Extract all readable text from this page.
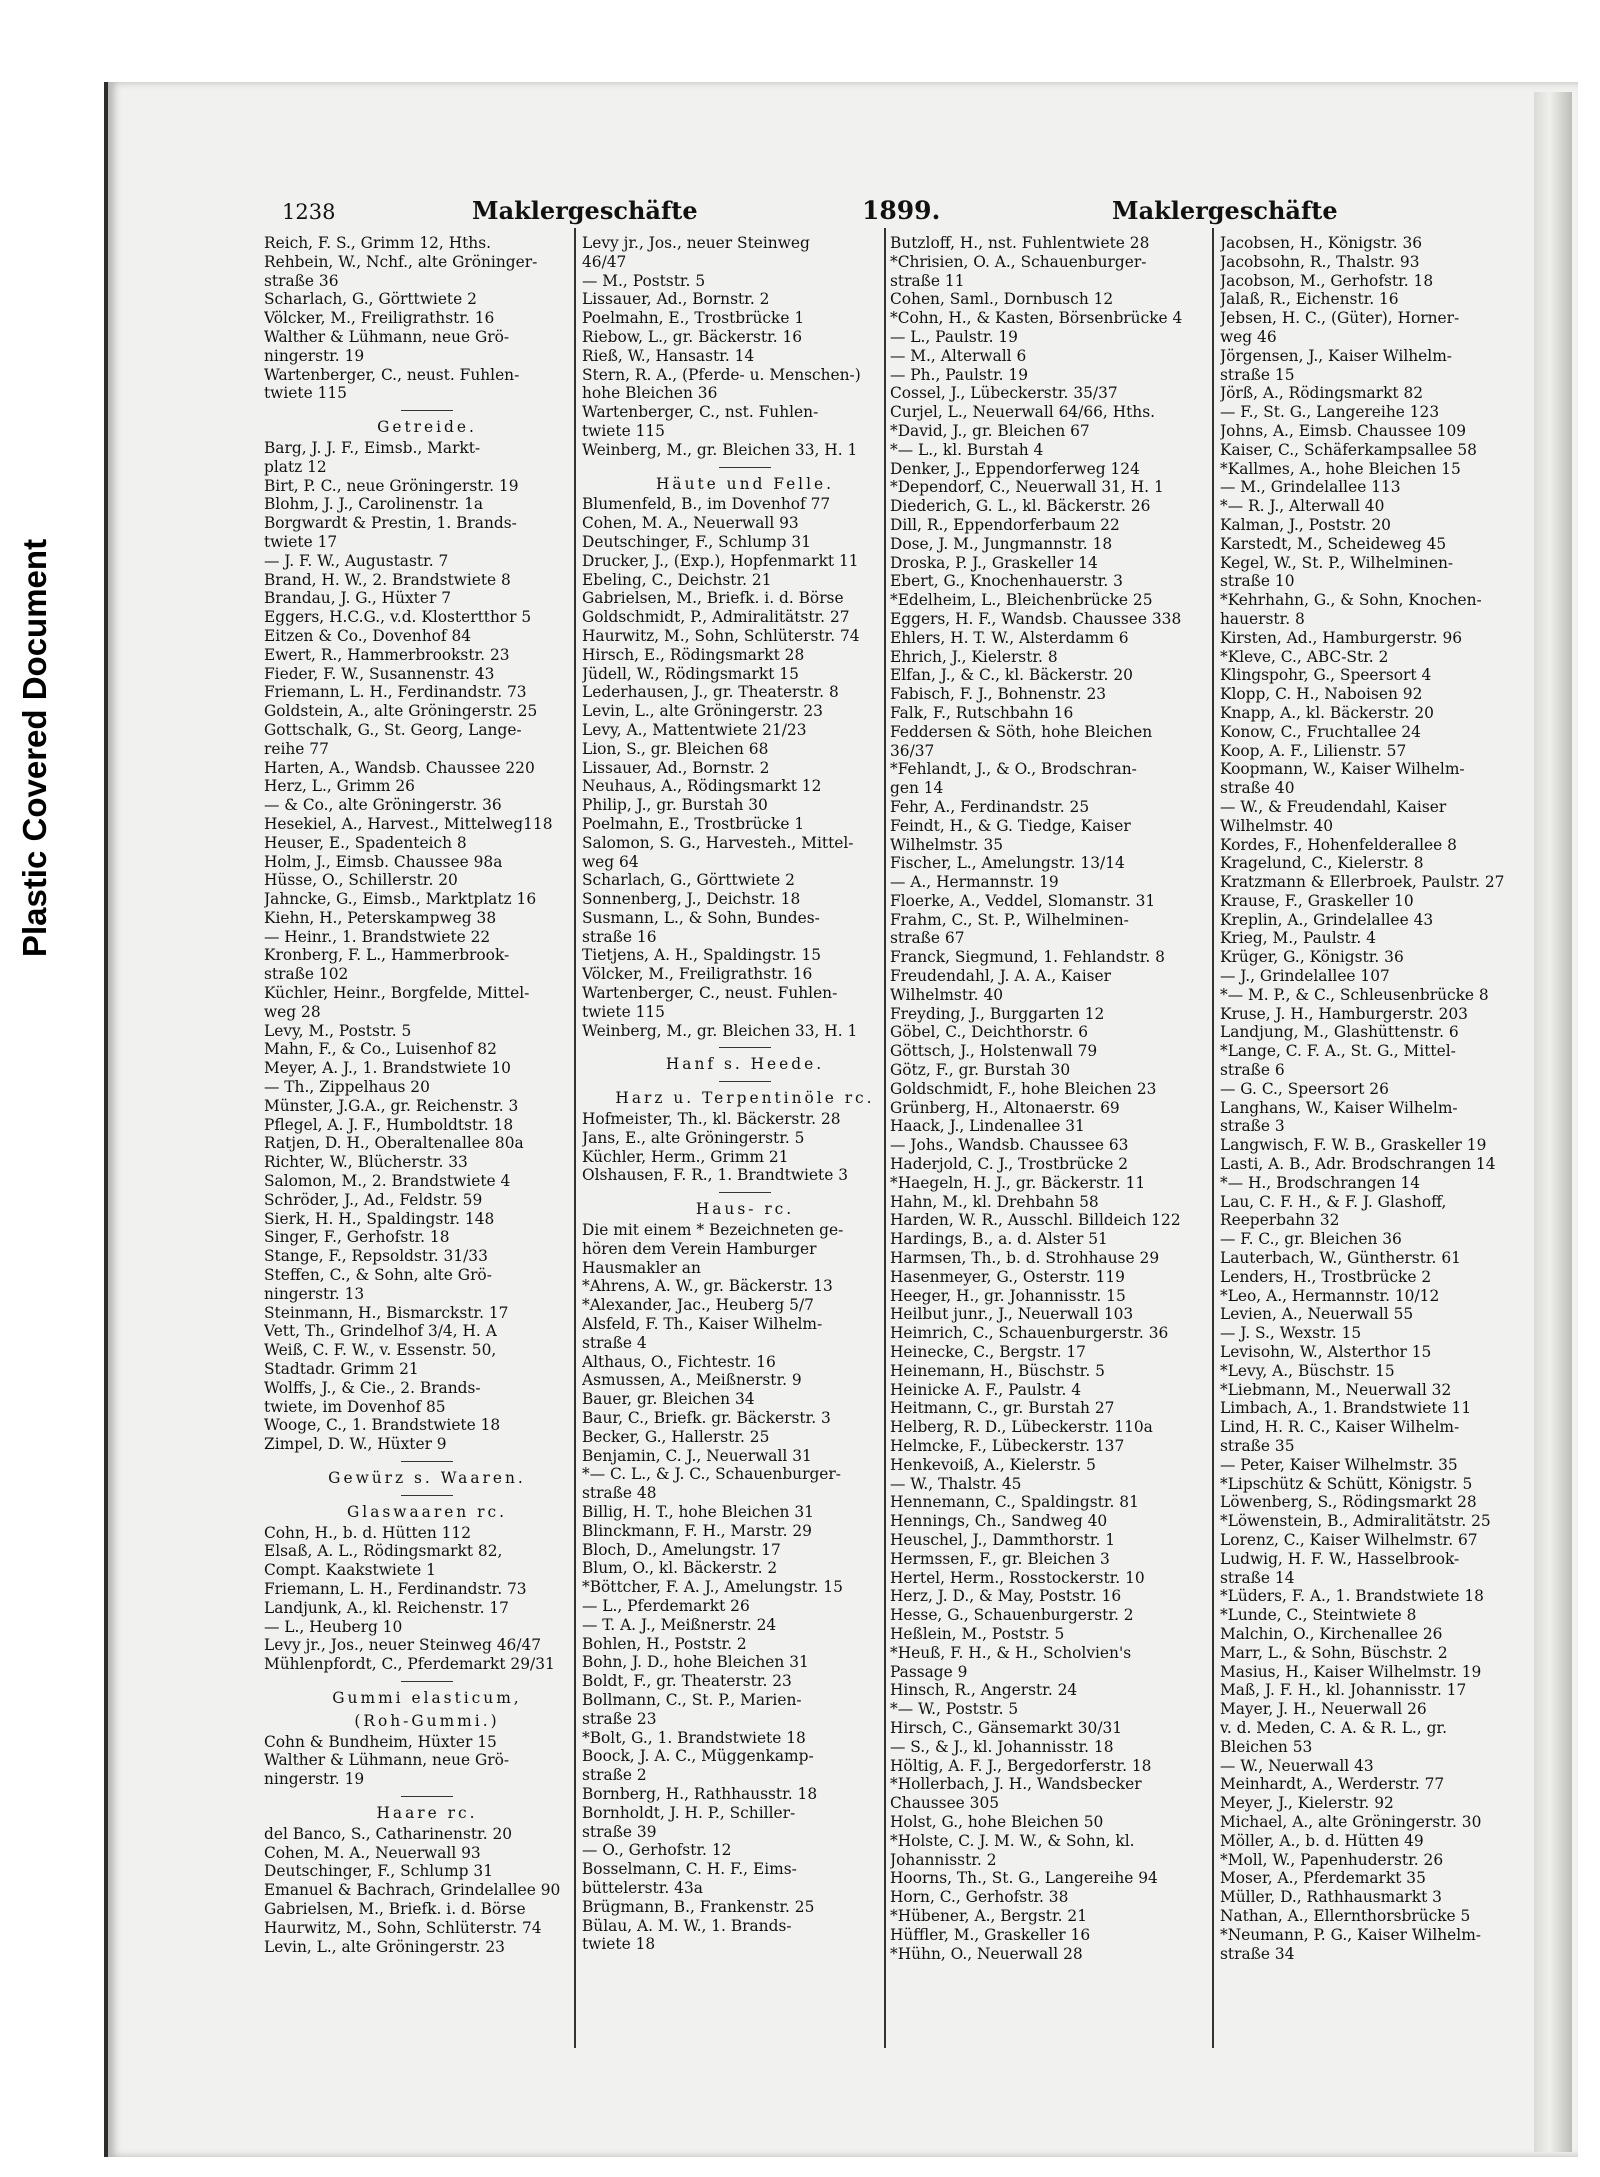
Plastic Covered Document
1238	Maklergeschäfte	1899.	Maklergeschäfte
Reich, F. S., Grimm 12, Hths.
Rehbein, W., Nchf., alte Gröninger-
straße 36
Scharlach, G., Görttwiete 2
Völcker, M., Freiligrathstr. 16
Walther & Lühmann, neue Grö-
ningerstr. 19
Wartenberger, C., neust. Fuhlen-
twiete 115
Getreide.
Barg, J. J. F., Eimsb., Markt-
platz 12
Birt, P. C., neue Gröningerstr. 19
Blohm, J. J., Carolinenstr. 1a
Borgwardt & Prestin, 1. Brands-
twiete 17
— J. F. W., Augustastr. 7
Brand, H. W., 2. Brandstwiete 8
Brandau, J. G., Hüxter 7
Eggers, H.C.G., v.d. Klostertthor 5
Eitzen & Co., Dovenhof 84
Ewert, R., Hammerbrookstr. 23
Fieder, F. W., Susannenstr. 43
Friemann, L. H., Ferdinandstr. 73
Goldstein, A., alte Gröningerstr. 25
Gottschalk, G., St. Georg, Lange-
reihe 77
Harten, A., Wandsb. Chaussee 220
Herz, L., Grimm 26
— & Co., alte Gröningerstr. 36
Hesekiel, A., Harvest., Mittelweg118
Heuser, E., Spadenteich 8
Holm, J., Eimsb. Chaussee 98a
Hüsse, O., Schillerstr. 20
Jahncke, G., Eimsb., Marktplatz 16
Kiehn, H., Peterskampweg 38
— Heinr., 1. Brandstwiete 22
Kronberg, F. L., Hammerbrook-
straße 102
Küchler, Heinr., Borgfelde, Mittel-
weg 28
Levy, M., Poststr. 5
Mahn, F., & Co., Luisenhof 82
Meyer, A. J., 1. Brandstwiete 10
— Th., Zippelhaus 20
Münster, J.G.A., gr. Reichenstr. 3
Pflegel, A. J. F., Humboldtstr. 18
Ratjen, D. H., Oberaltenallee 80a
Richter, W., Blücherstr. 33
Salomon, M., 2. Brandstwiete 4
Schröder, J., Ad., Feldstr. 59
Sierk, H. H., Spaldingstr. 148
Singer, F., Gerhofstr. 18
Stange, F., Repsoldstr. 31/33
Steffen, C., & Sohn, alte Grö-
ningerstr. 13
Steinmann, H., Bismarckstr. 17
Vett, Th., Grindelhof 3/4, H. A
Weiß, C. F. W., v. Essenstr. 50,
Stadtadr. Grimm 21
Wolffs, J., & Cie., 2. Brands-
twiete, im Dovenhof 85
Wooge, C., 1. Brandstwiete 18
Zimpel, D. W., Hüxter 9
Gewürz s. Waaren.
Glaswaaren rc.
Cohn, H., b. d. Hütten 112
Elsaß, A. L., Rödingsmarkt 82,
Compt. Kaakstwiete 1
Friemann, L. H., Ferdinandstr. 73
Landjunk, A., kl. Reichenstr. 17
— L., Heuberg 10
Levy jr., Jos., neuer Steinweg 46/47
Mühlenpfordt, C., Pferdemarkt 29/31
Gummi elasticum,
(Roh-Gummi.)
Cohn & Bundheim, Hüxter 15
Walther & Lühmann, neue Grö-
ningerstr. 19
Haare rc.
del Banco, S., Catharinenstr. 20
Cohen, M. A., Neuerwall 93
Deutschinger, F., Schlump 31
Emanuel & Bachrach, Grindelallee 90
Gabrielsen, M., Briefk. i. d. Börse
Haurwitz, M., Sohn, Schlüterstr. 74
Levin, L., alte Gröningerstr. 23
Levy jr., Jos., neuer Steinweg
46/47
— M., Poststr. 5
Lissauer, Ad., Bornstr. 2
Poelmahn, E., Trostbrücke 1
Riebow, L., gr. Bäckerstr. 16
Rieß, W., Hansastr. 14
Stern, R. A., (Pferde- u. Menschen-)
hohe Bleichen 36
Wartenberger, C., nst. Fuhlen-
twiete 115
Weinberg, M., gr. Bleichen 33, H. 1
Häute und Felle.
Blumenfeld, B., im Dovenhof 77
Cohen, M. A., Neuerwall 93
Deutschinger, F., Schlump 31
Drucker, J., (Exp.), Hopfenmarkt 11
Ebeling, C., Deichstr. 21
Gabrielsen, M., Briefk. i. d. Börse
Goldschmidt, P., Admiralitätstr. 27
Haurwitz, M., Sohn, Schlüterstr. 74
Hirsch, E., Rödingsmarkt 28
Jüdell, W., Rödingsmarkt 15
Lederhausen, J., gr. Theaterstr. 8
Levin, L., alte Gröningerstr. 23
Levy, A., Mattentwiete 21/23
Lion, S., gr. Bleichen 68
Lissauer, Ad., Bornstr. 2
Neuhaus, A., Rödingsmarkt 12
Philip, J., gr. Burstah 30
Poelmahn, E., Trostbrücke 1
Salomon, S. G., Harvesteh., Mittel-
weg 64
Scharlach, G., Görttwiete 2
Sonnenberg, J., Deichstr. 18
Susmann, L., & Sohn, Bundes-
straße 16
Tietjens, A. H., Spaldingstr. 15
Völcker, M., Freiligrathstr. 16
Wartenberger, C., neust. Fuhlen-
twiete 115
Weinberg, M., gr. Bleichen 33, H. 1
Hanf s. Heede.
Harz u. Terpentinöle rc.
Hofmeister, Th., kl. Bäckerstr. 28
Jans, E., alte Gröningerstr. 5
Küchler, Herm., Grimm 21
Olshausen, F. R., 1. Brandtwiete 3
Haus- rc.
Die mit einem * Bezeichneten ge-
hören dem Verein Hamburger
Hausmakler an
*Ahrens, A. W., gr. Bäckerstr. 13
*Alexander, Jac., Heuberg 5/7
Alsfeld, F. Th., Kaiser Wilhelm-
straße 4
Althaus, O., Fichtestr. 16
Asmussen, A., Meißnerstr. 9
Bauer, gr. Bleichen 34
Baur, C., Briefk. gr. Bäckerstr. 3
Becker, G., Hallerstr. 25
Benjamin, C. J., Neuerwall 31
*— C. L., & J. C., Schauenburger-
straße 48
Billig, H. T., hohe Bleichen 31
Blinckmann, F. H., Marstr. 29
Bloch, D., Amelungstr. 17
Blum, O., kl. Bäckerstr. 2
*Böttcher, F. A. J., Amelungstr. 15
— L., Pferdemarkt 26
— T. A. J., Meißnerstr. 24
Bohlen, H., Poststr. 2
Bohn, J. D., hohe Bleichen 31
Boldt, F., gr. Theaterstr. 23
Bollmann, C., St. P., Marien-
straße 23
*Bolt, G., 1. Brandstwiete 18
Boock, J. A. C., Müggenkamp-
straße 2
Bornberg, H., Rathhausstr. 18
Bornholdt, J. H. P., Schiller-
straße 39
— O., Gerhofstr. 12
Bosselmann, C. H. F., Eims-
büttelerstr. 43a
Brügmann, B., Frankenstr. 25
Bülau, A. M. W., 1. Brands-
twiete 18
Butzloff, H., nst. Fuhlentwiete 28
*Chrisien, O. A., Schauenburger-
straße 11
Cohen, Saml., Dornbusch 12
*Cohn, H., & Kasten, Börsenbrücke 4
— L., Paulstr. 19
— M., Alterwall 6
— Ph., Paulstr. 19
Cossel, J., Lübeckerstr. 35/37
Curjel, L., Neuerwall 64/66, Hths.
*David, J., gr. Bleichen 67
*— L., kl. Burstah 4
Denker, J., Eppendorferweg 124
*Dependorf, C., Neuerwall 31, H. 1
Diederich, G. L., kl. Bäckerstr. 26
Dill, R., Eppendorferbaum 22
Dose, J. M., Jungmannstr. 18
Droska, P. J., Graskeller 14
Ebert, G., Knochenhauerstr. 3
*Edelheim, L., Bleichenbrücke 25
Eggers, H. F., Wandsb. Chaussee 338
Ehlers, H. T. W., Alsterdamm 6
Ehrich, J., Kielerstr. 8
Elfan, J., & C., kl. Bäckerstr. 20
Fabisch, F. J., Bohnenstr. 23
Falk, F., Rutschbahn 16
Feddersen & Söth, hohe Bleichen
36/37
*Fehlandt, J., & O., Brodschran-
gen 14
Fehr, A., Ferdinandstr. 25
Feindt, H., & G. Tiedge, Kaiser
Wilhelmstr. 35
Fischer, L., Amelungstr. 13/14
— A., Hermannstr. 19
Floerke, A., Veddel, Slomanstr. 31
Frahm, C., St. P., Wilhelminen-
straße 67
Franck, Siegmund, 1. Fehlandstr. 8
Freudendahl, J. A. A., Kaiser
Wilhelmstr. 40
Freyding, J., Burggarten 12
Göbel, C., Deichthorstr. 6
Göttsch, J., Holstenwall 79
Götz, F., gr. Burstah 30
Goldschmidt, F., hohe Bleichen 23
Grünberg, H., Altonaerstr. 69
Haack, J., Lindenallee 31
— Johs., Wandsb. Chaussee 63
Haderjold, C. J., Trostbrücke 2
*Haegeln, H. J., gr. Bäckerstr. 11
Hahn, M., kl. Drehbahn 58
Harden, W. R., Ausschl. Billdeich 122
Hardings, B., a. d. Alster 51
Harmsen, Th., b. d. Strohhause 29
Hasenmeyer, G., Osterstr. 119
Heeger, H., gr. Johannisstr. 15
Heilbut junr., J., Neuerwall 103
Heimrich, C., Schauenburgerstr. 36
Heinecke, C., Bergstr. 17
Heinemann, H., Büschstr. 5
Heinicke A. F., Paulstr. 4
Heitmann, C., gr. Burstah 27
Helberg, R. D., Lübeckerstr. 110a
Helmcke, F., Lübeckerstr. 137
Henkevoiß, A., Kielerstr. 5
— W., Thalstr. 45
Hennemann, C., Spaldingstr. 81
Hennings, Ch., Sandweg 40
Heuschel, J., Dammthorstr. 1
Hermssen, F., gr. Bleichen 3
Hertel, Herm., Rosstockerstr. 10
Herz, J. D., & May, Poststr. 16
Hesse, G., Schauenburgerstr. 2
Heßlein, M., Poststr. 5
*Heuß, F. H., & H., Scholvien's
Passage 9
Hinsch, R., Angerstr. 24
*— W., Poststr. 5
Hirsch, C., Gänsemarkt 30/31
— S., & J., kl. Johannisstr. 18
Höltig, A. F. J., Bergedorferstr. 18
*Hollerbach, J. H., Wandsbecker
Chaussee 305
Holst, G., hohe Bleichen 50
*Holste, C. J. M. W., & Sohn, kl.
Johannisstr. 2
Hoorns, Th., St. G., Langereihe 94
Horn, C., Gerhofstr. 38
*Hübener, A., Bergstr. 21
Hüffler, M., Graskeller 16
*Hühn, O., Neuerwall 28
Jacobsen, H., Königstr. 36
Jacobsohn, R., Thalstr. 93
Jacobson, M., Gerhofstr. 18
Jalaß, R., Eichenstr. 16
Jebsen, H. C., (Güter), Horner-
weg 46
Jörgensen, J., Kaiser Wilhelm-
straße 15
Jörß, A., Rödingsmarkt 82
— F., St. G., Langereihe 123
Johns, A., Eimsb. Chaussee 109
Kaiser, C., Schäferkampsallee 58
*Kallmes, A., hohe Bleichen 15
— M., Grindelallee 113
*— R. J., Alterwall 40
Kalman, J., Poststr. 20
Karstedt, M., Scheideweg 45
Kegel, W., St. P., Wilhelminen-
straße 10
*Kehrhahn, G., & Sohn, Knochen-
hauerstr. 8
Kirsten, Ad., Hamburgerstr. 96
*Kleve, C., ABC-Str. 2
Klingspohr, G., Speersort 4
Klopp, C. H., Naboisen 92
Knapp, A., kl. Bäckerstr. 20
Konow, C., Fruchtallee 24
Koop, A. F., Lilienstr. 57
Koopmann, W., Kaiser Wilhelm-
straße 40
— W., & Freudendahl, Kaiser
Wilhelmstr. 40
Kordes, F., Hohenfelderallee 8
Kragelund, C., Kielerstr. 8
Kratzmann & Ellerbroek, Paulstr. 27
Krause, F., Graskeller 10
Kreplin, A., Grindelallee 43
Krieg, M., Paulstr. 4
Krüger, G., Königstr. 36
— J., Grindelallee 107
*— M. P., & C., Schleusenbrücke 8
Kruse, J. H., Hamburgerstr. 203
Landjung, M., Glashüttenstr. 6
*Lange, C. F. A., St. G., Mittel-
straße 6
— G. C., Speersort 26
Langhans, W., Kaiser Wilhelm-
straße 3
Langwisch, F. W. B., Graskeller 19
Lasti, A. B., Adr. Brodschrangen 14
*— H., Brodschrangen 14
Lau, C. F. H., & F. J. Glashoff,
Reeperbahn 32
— F. C., gr. Bleichen 36
Lauterbach, W., Güntherstr. 61
Lenders, H., Trostbrücke 2
*Leo, A., Hermannstr. 10/12
Levien, A., Neuerwall 55
— J. S., Wexstr. 15
Levisohn, W., Alsterthor 15
*Levy, A., Büschstr. 15
*Liebmann, M., Neuerwall 32
Limbach, A., 1. Brandstwiete 11
Lind, H. R. C., Kaiser Wilhelm-
straße 35
— Peter, Kaiser Wilhelmstr. 35
*Lipschütz & Schütt, Königstr. 5
Löwenberg, S., Rödingsmarkt 28
*Löwenstein, B., Admiralitätstr. 25
Lorenz, C., Kaiser Wilhelmstr. 67
Ludwig, H. F. W., Hasselbrook-
straße 14
*Lüders, F. A., 1. Brandstwiete 18
*Lunde, C., Steintwiete 8
Malchin, O., Kirchenallee 26
Marr, L., & Sohn, Büschstr. 2
Masius, H., Kaiser Wilhelmstr. 19
Maß, J. F. H., kl. Johannisstr. 17
Mayer, J. H., Neuerwall 26
v. d. Meden, C. A. & R. L., gr.
Bleichen 53
— W., Neuerwall 43
Meinhardt, A., Werderstr. 77
Meyer, J., Kielerstr. 92
Michael, A., alte Gröningerstr. 30
Möller, A., b. d. Hütten 49
*Moll, W., Papenhuderstr. 26
Moser, A., Pferdemarkt 35
Müller, D., Rathhausmarkt 3
Nathan, A., Ellernthorsbrücke 5
*Neumann, P. G., Kaiser Wilhelm-
straße 34
